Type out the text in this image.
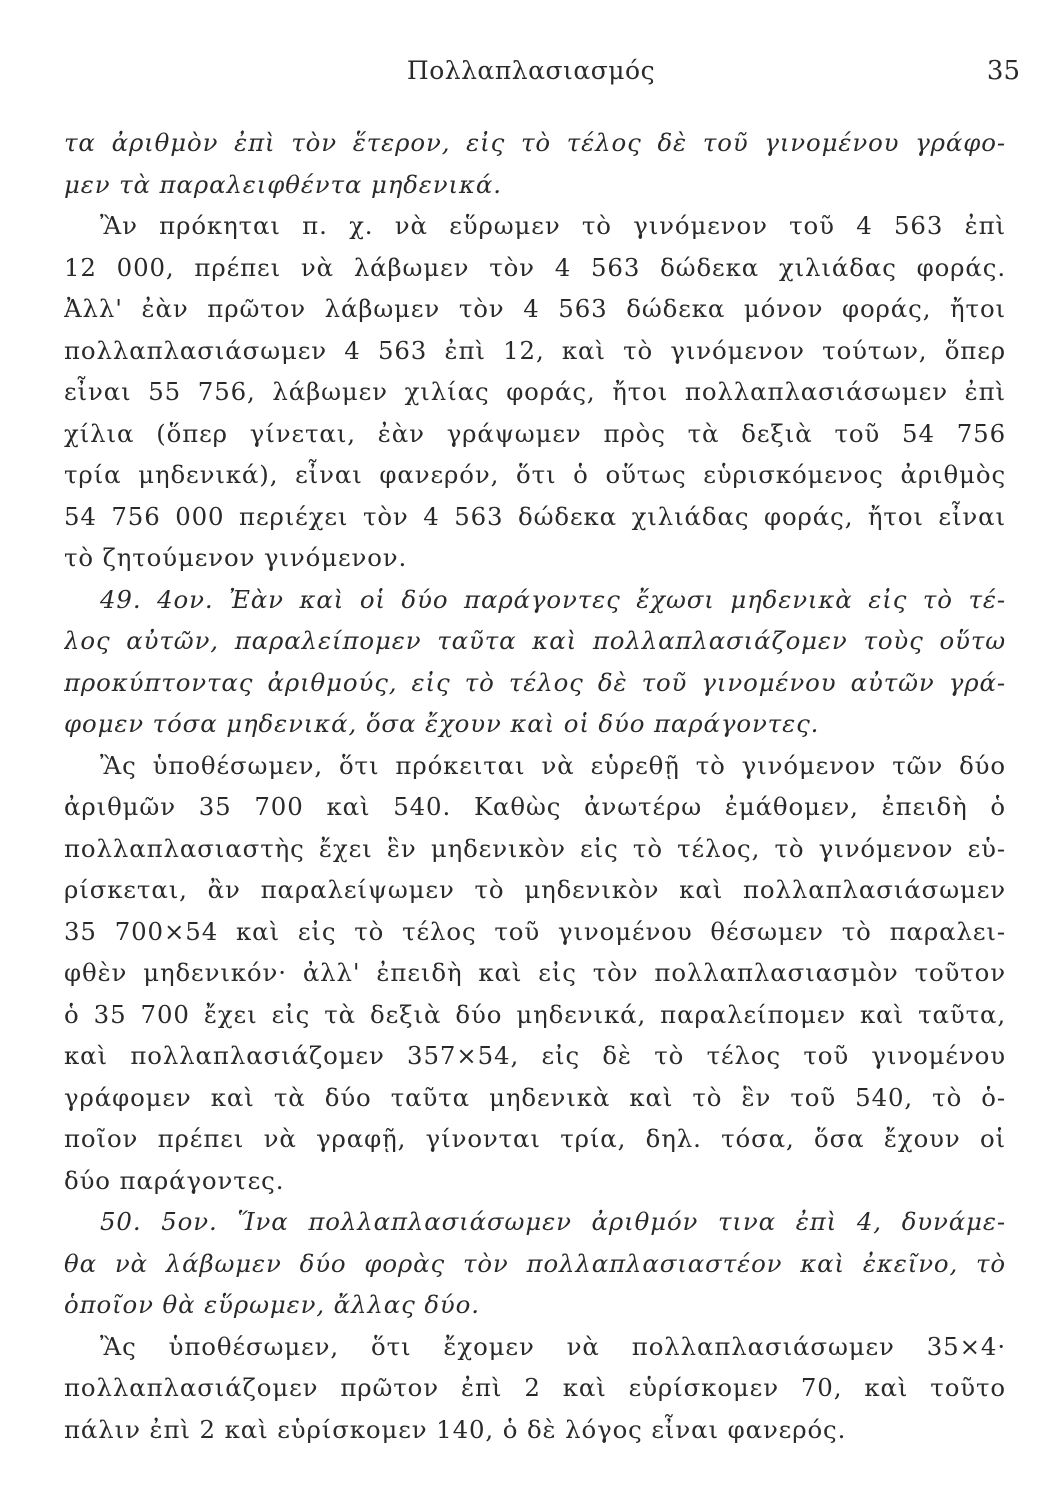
Πολλαπλασιασμός	35
τα ἀριθμὸν ἐπὶ τὸν ἕτερον, εἰς τὸ τέλος δὲ τοῦ γινομένου γράφο-
μεν τὰ παραλειφθέντα μηδενικά.
Ἂν πρόκηται π. χ. νὰ εὕρωμεν τὸ γινόμενον τοῦ 4 563 ἐπὶ
12 000, πρέπει νὰ λάβωμεν τὸν 4 563 δώδεκα χιλιάδας φοράς.
Ἀλλ' ἐὰν πρῶτον λάβωμεν τὸν 4 563 δώδεκα μόνον φοράς, ἤτοι
πολλαπλασιάσωμεν 4 563 ἐπὶ 12, καὶ τὸ γινόμενον τούτων, ὅπερ
εἶναι 55 756, λάβωμεν χιλίας φοράς, ἤτοι πολλαπλασιάσωμεν ἐπὶ
χίλια (ὅπερ γίνεται, ἐὰν γράψωμεν πρὸς τὰ δεξιὰ τοῦ 54 756
τρία μηδενικά), εἶναι φανερόν, ὅτι ὁ οὕτως εὑρισκόμενος ἀριθμὸς
54 756 000 περιέχει τὸν 4 563 δώδεκα χιλιάδας φοράς, ἤτοι εἶναι
τὸ ζητούμενον γινόμενον.
49. 4ον. Ἐὰν καὶ οἱ δύο παράγοντες ἔχωσι μηδενικὰ εἰς τὸ τέ-
λος αὐτῶν, παραλείπομεν ταῦτα καὶ πολλαπλασιάζομεν τοὺς οὕτω
προκύπτοντας ἀριθμούς, εἰς τὸ τέλος δὲ τοῦ γινομένου αὐτῶν γρά-
φομεν τόσα μηδενικά, ὅσα ἔχουν καὶ οἱ δύο παράγοντες.
Ἂς ὑποθέσωμεν, ὅτι πρόκειται νὰ εὑρεθῇ τὸ γινόμενον τῶν δύο
ἀριθμῶν 35 700 καὶ 540. Καθὼς ἀνωτέρω ἐμάθομεν, ἐπειδὴ ὁ
πολλαπλασιαστὴς ἔχει ἓν μηδενικὸν εἰς τὸ τέλος, τὸ γινόμενον εὑ-
ρίσκεται, ἂν παραλείψωμεν τὸ μηδενικὸν καὶ πολλαπλασιάσωμεν
35 700×54 καὶ εἰς τὸ τέλος τοῦ γινομένου θέσωμεν τὸ παραλει-
φθὲν μηδενικόν· ἀλλ' ἐπειδὴ καὶ εἰς τὸν πολλαπλασιασμὸν τοῦτον
ὁ 35 700 ἔχει εἰς τὰ δεξιὰ δύο μηδενικά, παραλείπομεν καὶ ταῦτα,
καὶ πολλαπλασιάζομεν 357×54, εἰς δὲ τὸ τέλος τοῦ γινομένου
γράφομεν καὶ τὰ δύο ταῦτα μηδενικὰ καὶ τὸ ἓν τοῦ 540, τὸ ὁ-
ποῖον πρέπει νὰ γραφῇ, γίνονται τρία, δηλ. τόσα, ὅσα ἔχουν οἱ
δύο παράγοντες.
50. 5ον. Ἵνα πολλαπλασιάσωμεν ἀριθμόν τινα ἐπὶ 4, δυνάμε-
θα νὰ λάβωμεν δύο φορὰς τὸν πολλαπλασιαστέον καὶ ἐκεῖνο, τὸ
ὁποῖον θὰ εὕρωμεν, ἄλλας δύο.
Ἂς ὑποθέσωμεν, ὅτι ἔχομεν νὰ πολλαπλασιάσωμεν 35×4·
πολλαπλασιάζομεν πρῶτον ἐπὶ 2 καὶ εὑρίσκομεν 70, καὶ τοῦτο
πάλιν ἐπὶ 2 καὶ εὑρίσκομεν 140, ὁ δὲ λόγος εἶναι φανερός.
